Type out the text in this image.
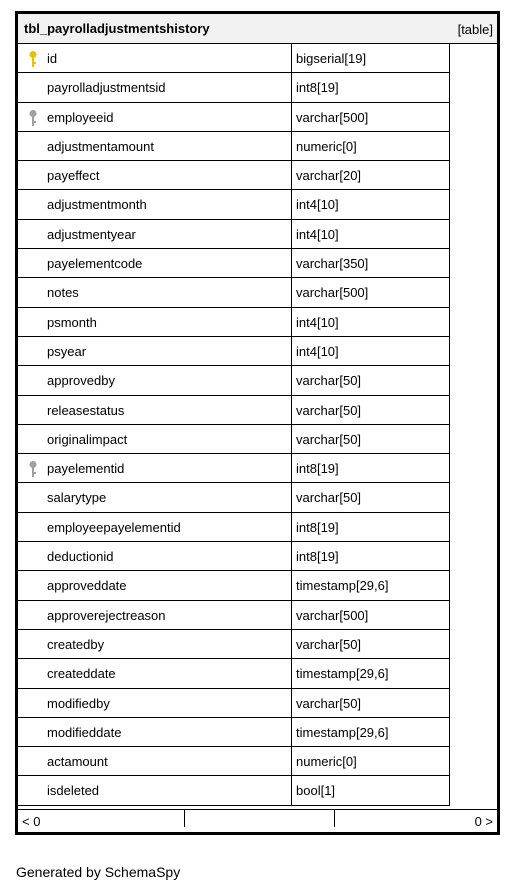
tbl_payrolladjustmentshistory	[table]
id	bigserial[19]
payrolladjustmentsid	int8[19]
employeeid	varchar[500]
adjustmentamount	numeric[0]
payeffect	varchar[20]
adjustmentmonth	int4[10]
adjustmentyear	int4[10]
payelementcode	varchar[350]
notes	varchar[500]
psmonth	int4[10]
psyear	int4[10]
approvedby	varchar[50]
releasestatus	varchar[50]
originalimpact	varchar[50]
payelementid	int8[19]
salarytype	varchar[50]
employeepayelementid	int8[19]
deductionid	int8[19]
approveddate	timestamp[29,6]
approverejectreason	varchar[500]
createdby	varchar[50]
createddate	timestamp[29,6]
modifiedby	varchar[50]
modifieddate	timestamp[29,6]
actamount	numeric[0]
isdeleted	bool[1]
< 0	0 >
Generated by SchemaSpy
